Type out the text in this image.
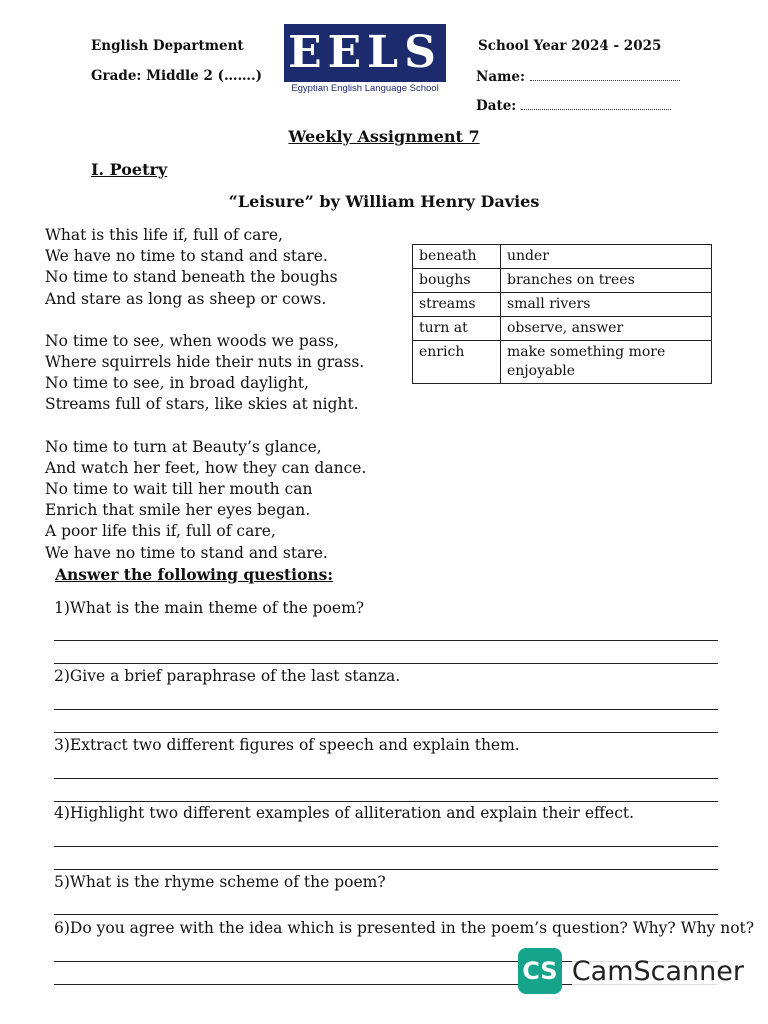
English Department
Grade: Middle 2 (…….)
School Year 2024 - 2025
Name:
Date:
EELS
Egyptian English Language School
Weekly Assignment 7
I. Poetry
“Leisure” by William Henry Davies
What is this life if, full of care,
We have no time to stand and stare.
No time to stand beneath the boughs
And stare as long as sheep or cows.
No time to see, when woods we pass,
Where squirrels hide their nuts in grass.
No time to see, in broad daylight,
Streams full of stars, like skies at night.
No time to turn at Beauty’s glance,
And watch her feet, how they can dance.
No time to wait till her mouth can
Enrich that smile her eyes began.
A poor life this if, full of care,
We have no time to stand and stare.
beneath	under
boughs	branches on trees
streams	small rivers
turn at	observe, answer
enrich	make something more enjoyable
Answer the following questions:
1)What is the main theme of the poem?
2)Give a brief paraphrase of the last stanza.
3)Extract two different figures of speech and explain them.
4)Highlight two different examples of alliteration and explain their effect.
5)What is the rhyme scheme of the poem?
6)Do you agree with the idea which is presented in the poem’s question? Why? Why not?
CS CamScanner
